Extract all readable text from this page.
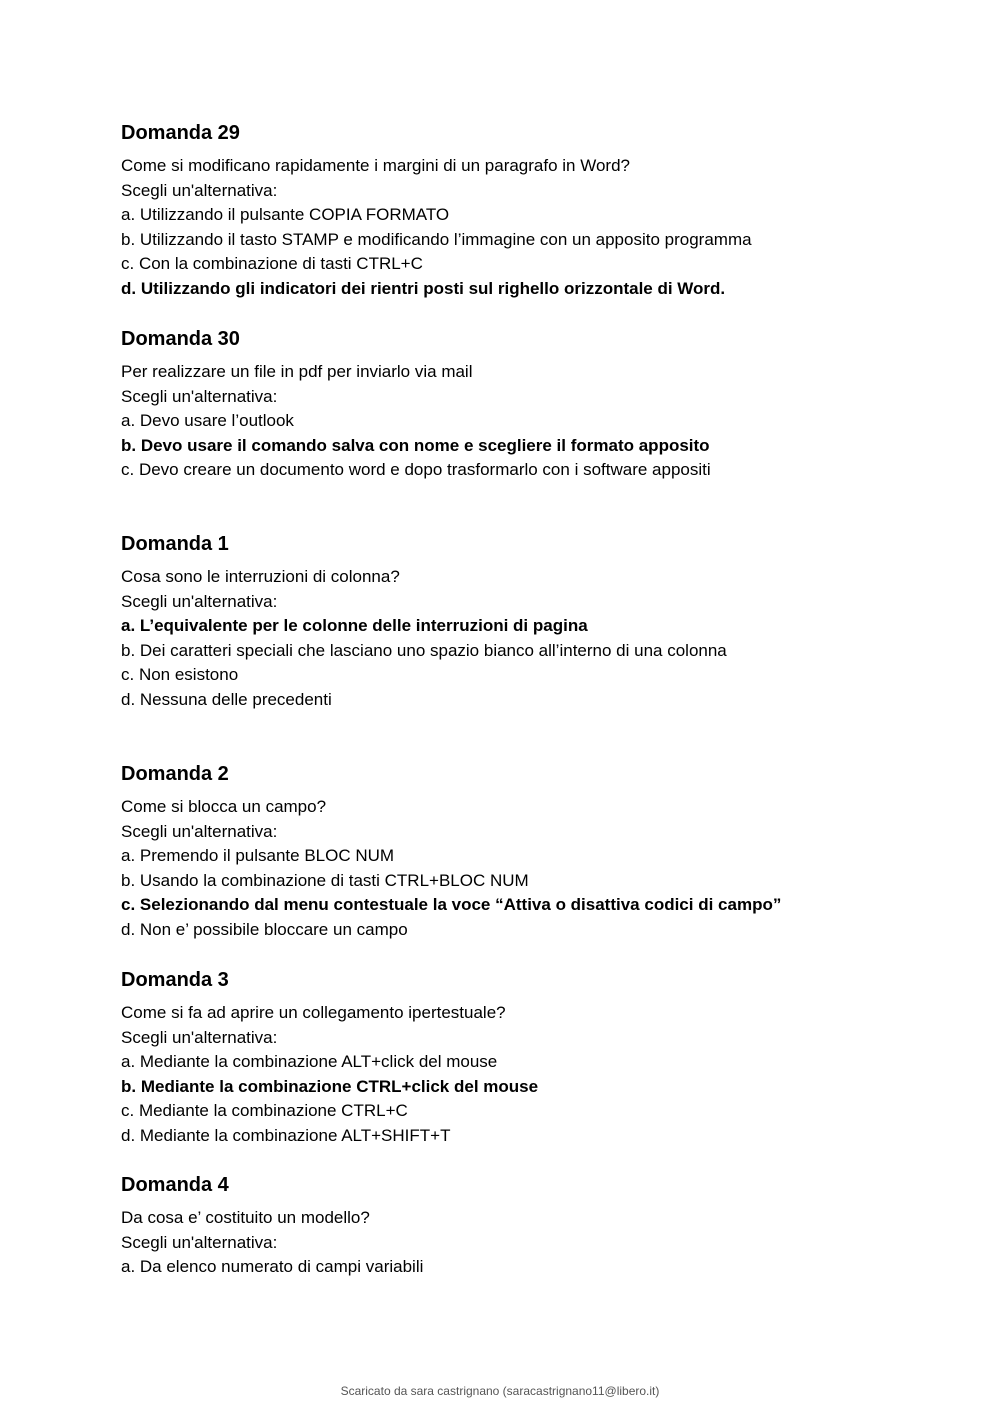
Domanda 29
Come si modificano rapidamente i margini di un paragrafo in Word?
Scegli un'alternativa:
a. Utilizzando il pulsante COPIA FORMATO
b. Utilizzando il tasto STAMP e modificando l’immagine con un apposito programma
c. Con la combinazione di tasti CTRL+C
d. Utilizzando gli indicatori dei rientri posti sul righello orizzontale di Word.
Domanda 30
Per realizzare un file in pdf per inviarlo via mail
Scegli un'alternativa:
a. Devo usare l’outlook
b. Devo usare il comando salva con nome e scegliere il formato apposito
c. Devo creare un documento word e dopo trasformarlo con i software appositi
Domanda 1
Cosa sono le interruzioni di colonna?
Scegli un'alternativa:
a. L’equivalente per le colonne delle interruzioni di pagina
b. Dei caratteri speciali che lasciano uno spazio bianco all’interno di una colonna
c. Non esistono
d. Nessuna delle precedenti
Domanda 2
Come si blocca un campo?
Scegli un'alternativa:
a. Premendo il pulsante BLOC NUM
b. Usando la combinazione di tasti CTRL+BLOC NUM
c. Selezionando dal menu contestuale la voce “Attiva o disattiva codici di campo”
d. Non e’ possibile bloccare un campo
Domanda 3
Come si fa ad aprire un collegamento ipertestuale?
Scegli un'alternativa:
a. Mediante la combinazione ALT+click del mouse
b. Mediante la combinazione CTRL+click del mouse
c. Mediante la combinazione CTRL+C
d. Mediante la combinazione ALT+SHIFT+T
Domanda 4
Da cosa e’ costituito un modello?
Scegli un'alternativa:
a. Da elenco numerato di campi variabili
Scaricato da sara castrignano (saracastrignano11@libero.it)
